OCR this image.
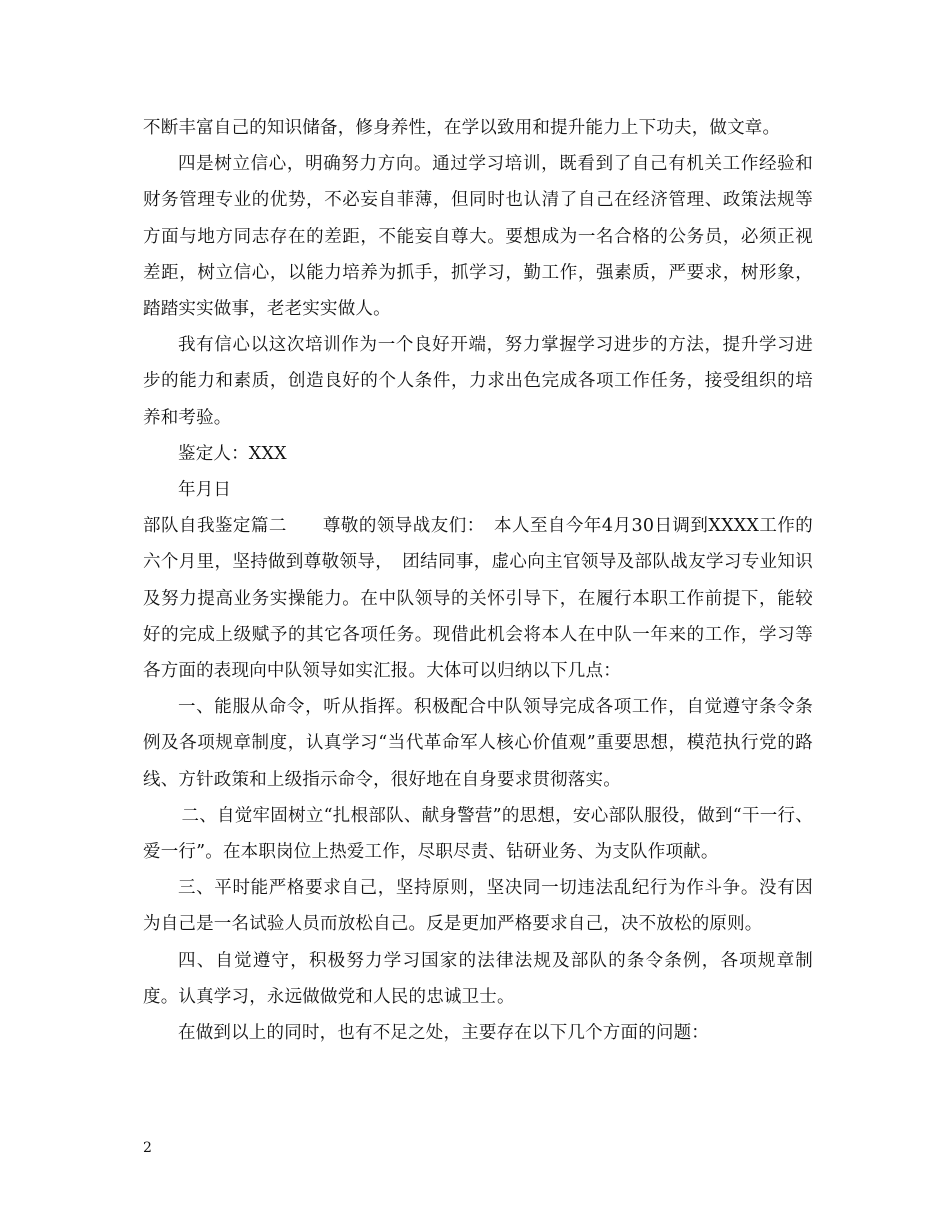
不断丰富自己的知识储备，修身养性，在学以致用和提升能力上下功夫，做文章。

四是树立信心，明确努力方向。通过学习培训，既看到了自己有机关工作经验和财务管理专业的优势，不必妄自菲薄，但同时也认清了自己在经济管理、政策法规等方面与地方同志存在的差距，不能妄自尊大。要想成为一名合格的公务员，必须正视差距，树立信心，以能力培养为抓手，抓学习，勤工作，强素质，严要求，树形象，踏踏实实做事，老老实实做人。

我有信心以这次培训作为一个良好开端，努力掌握学习进步的方法，提升学习进步的能力和素质，创造良好的个人条件，力求出色完成各项工作任务，接受组织的培养和考验。

鉴定人：XXX

年月日

部队自我鉴定篇二　　尊敬的领导战友们：　本人至自今年4月30日调到XXXX工作的六个月里，坚持做到尊敬领导，　团结同事，虚心向主官领导及部队战友学习专业知识及努力提高业务实操能力。在中队领导的关怀引导下，在履行本职工作前提下，能较好的完成上级赋予的其它各项任务。现借此机会将本人在中队一年来的工作，学习等各方面的表现向中队领导如实汇报。大体可以归纳以下几点：

一、能服从命令，听从指挥。积极配合中队领导完成各项工作，自觉遵守条令条例及各项规章制度，认真学习“当代革命军人核心价值观”重要思想，模范执行党的路线、方针政策和上级指示命令，很好地在自身要求贯彻落实。

二、自觉牢固树立“扎根部队、献身警营”的思想，安心部队服役，做到“干一行、爱一行”。在本职岗位上热爱工作，尽职尽责、钻研业务、为支队作项献。

三、平时能严格要求自己，坚持原则，坚决同一切违法乱纪行为作斗争。没有因为自己是一名试验人员而放松自己。反是更加严格要求自己，决不放松的原则。

四、自觉遵守，积极努力学习国家的法律法规及部队的条令条例，各项规章制度。认真学习，永远做做党和人民的忠诚卫士。

在做到以上的同时，也有不足之处，主要存在以下几个方面的问题：

2
